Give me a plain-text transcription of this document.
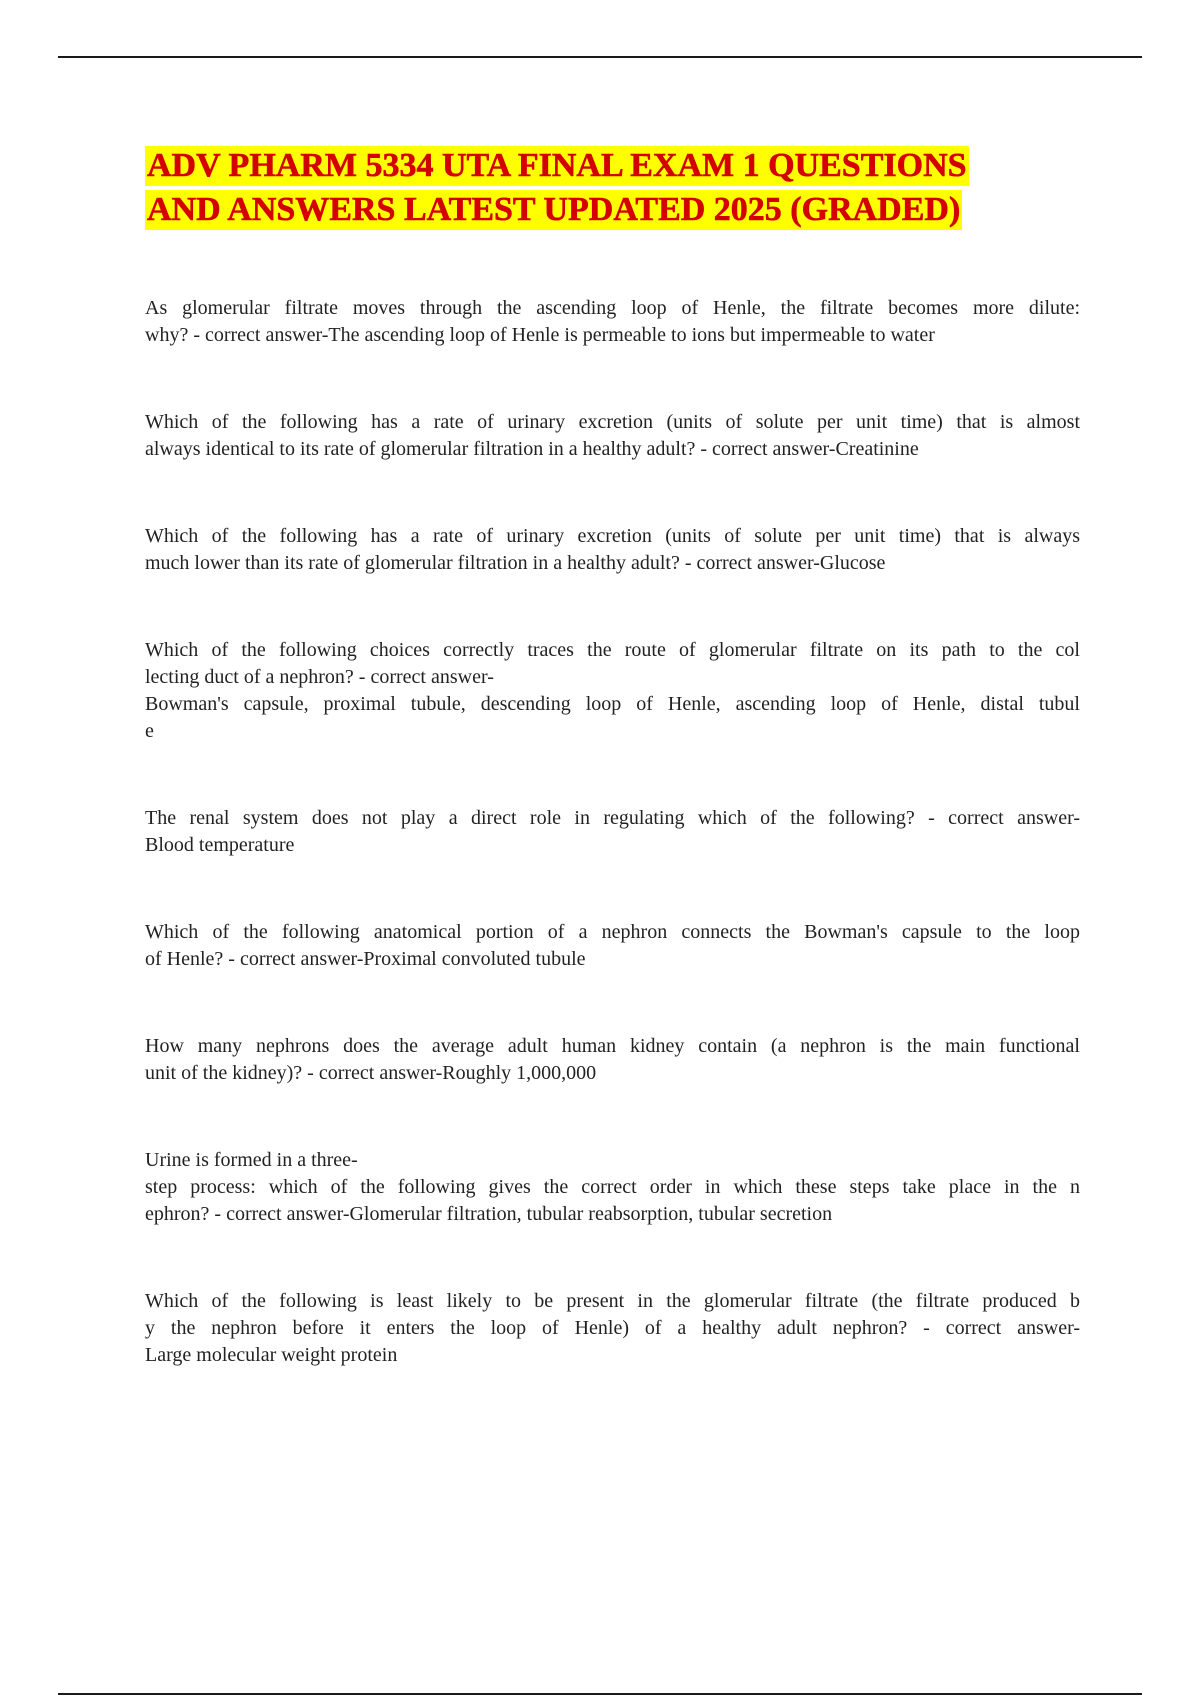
ADV PHARM 5334 UTA FINAL EXAM 1 QUESTIONS
AND ANSWERS LATEST UPDATED 2025 (GRADED)
As glomerular filtrate moves through the ascending loop of Henle, the filtrate becomes more dilute:
why? - correct answer-The ascending loop of Henle is permeable to ions but impermeable to water
Which of the following has a rate of urinary excretion (units of solute per unit time) that is almost
always identical to its rate of glomerular filtration in a healthy adult? - correct answer-Creatinine
Which of the following has a rate of urinary excretion (units of solute per unit time) that is always
much lower than its rate of glomerular filtration in a healthy adult? - correct answer-Glucose
Which of the following choices correctly traces the route of glomerular filtrate on its path to the col
lecting duct of a nephron? - correct answer-
Bowman's capsule, proximal tubule, descending loop of Henle, ascending loop of Henle, distal tubul
e
The renal system does not play a direct role in regulating which of the following? - correct answer-
Blood temperature
Which of the following anatomical portion of a nephron connects the Bowman's capsule to the loop
of Henle? - correct answer-Proximal convoluted tubule
How many nephrons does the average adult human kidney contain (a nephron is the main functional
unit of the kidney)? - correct answer-Roughly 1,000,000
Urine is formed in a three-
step process: which of the following gives the correct order in which these steps take place in the n
ephron? - correct answer-Glomerular filtration, tubular reabsorption, tubular secretion
Which of the following is least likely to be present in the glomerular filtrate (the filtrate produced b
y the nephron before it enters the loop of Henle) of a healthy adult nephron? - correct answer-
Large molecular weight protein
